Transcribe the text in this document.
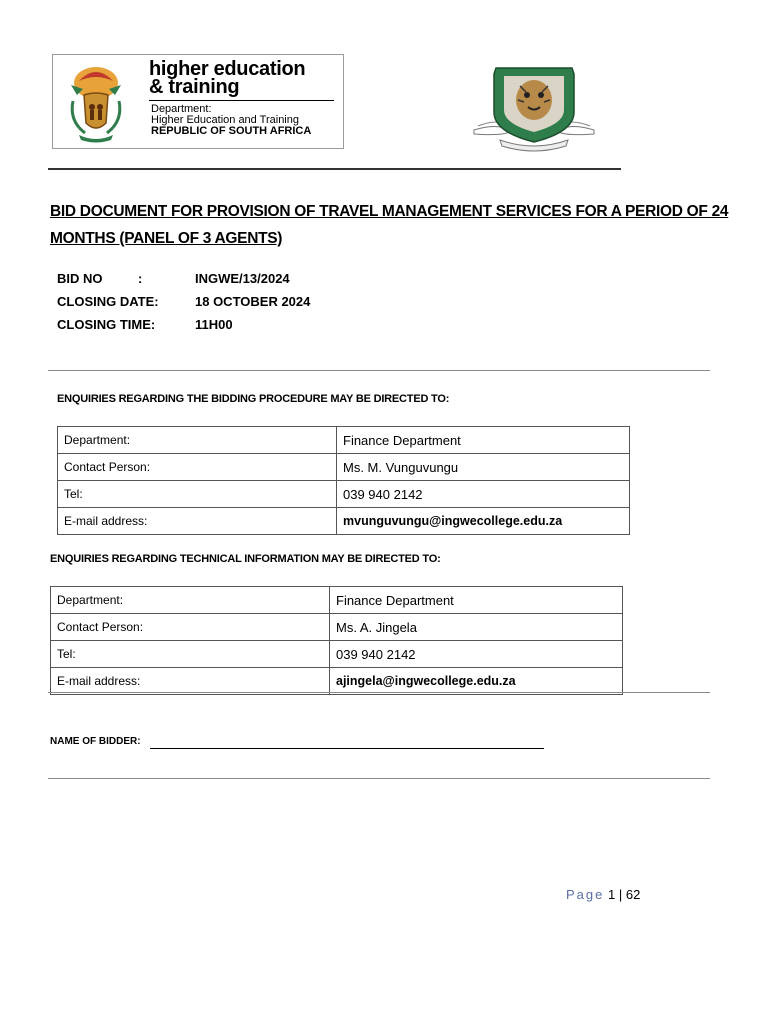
higher education
& training
Department:
Higher Education and Training
REPUBLIC OF SOUTH AFRICA
BID DOCUMENT FOR PROVISION OF TRAVEL MANAGEMENT SERVICES FOR A PERIOD OF 24 MONTHS (PANEL OF 3 AGENTS)
BID NO	:	INGWE/13/2024
CLOSING DATE:	18 OCTOBER 2024
CLOSING TIME:	11H00
ENQUIRIES REGARDING THE BIDDING PROCEDURE MAY BE DIRECTED TO:
Department:	Finance Department
Contact Person:	Ms. M. Vunguvungu
Tel:	039 940 2142
E-mail address:	mvunguvungu@ingwecollege.edu.za
ENQUIRIES REGARDING TECHNICAL INFORMATION MAY BE DIRECTED TO:
Department:	Finance Department
Contact Person:	Ms. A. Jingela
Tel:	039 940 2142
E-mail address:	ajingela@ingwecollege.edu.za
NAME OF BIDDER:
Page 1 | 62
